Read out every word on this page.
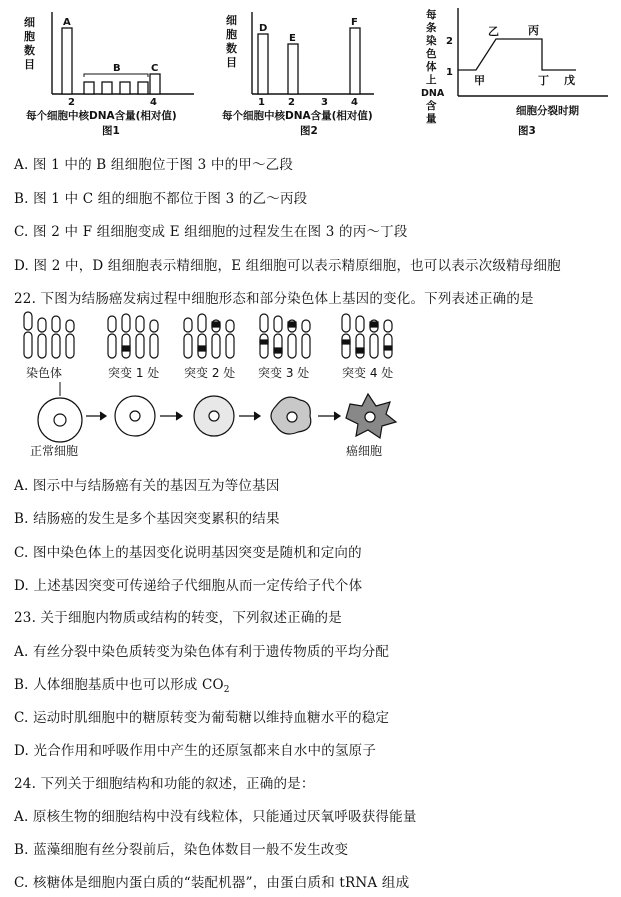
细
胞
数
目
A
C
B
2	4
每个细胞中核DNA含量(相对值)
图1
细
胞
数
目
D
E
F
1 2	3 4
每个细胞中核DNA含量(相对值)
图2
每
条
染
色
体
上
DNA
含
量
2
1
甲
乙	丙
丁 戊
细胞分裂时期
图3
A. 图 1 中的 B 组细胞位于图 3 中的甲～乙段
B. 图 1 中 C 组的细胞不都位于图 3 的乙～丙段
C. 图 2 中 F 组细胞变成 E 组细胞的过程发生在图 3 的丙～丁段
D. 图 2 中，D 组细胞表示精细胞，E 组细胞可以表示精原细胞，也可以表示次级精母细胞
22. 下图为结肠癌发病过程中细胞形态和部分染色体上基因的变化。下列表述正确的是
染色体	突变 1 处 突变 2 处 突变 3 处	突变 4 处
正常细胞	癌细胞
A. 图示中与结肠癌有关的基因互为等位基因
B. 结肠癌的发生是多个基因突变累积的结果
C. 图中染色体上的基因变化说明基因突变是随机和定向的
D. 上述基因突变可传递给子代细胞从而一定传给子代个体
23. 关于细胞内物质或结构的转变，下列叙述正确的是
A. 有丝分裂中染色质转变为染色体有利于遗传物质的平均分配
B. 人体细胞基质中也可以形成 $CO_2$
C. 运动时肌细胞中的糖原转变为葡萄糖以维持血糖水平的稳定
D. 光合作用和呼吸作用中产生的还原氢都来自水中的氢原子
24. 下列关于细胞结构和功能的叙述，正确的是：
A. 原核生物的细胞结构中没有线粒体，只能通过厌氧呼吸获得能量
B. 蓝藻细胞有丝分裂前后，染色体数目一般不发生改变
C. 核糖体是细胞内蛋白质的“装配机器”，由蛋白质和 tRNA 组成
